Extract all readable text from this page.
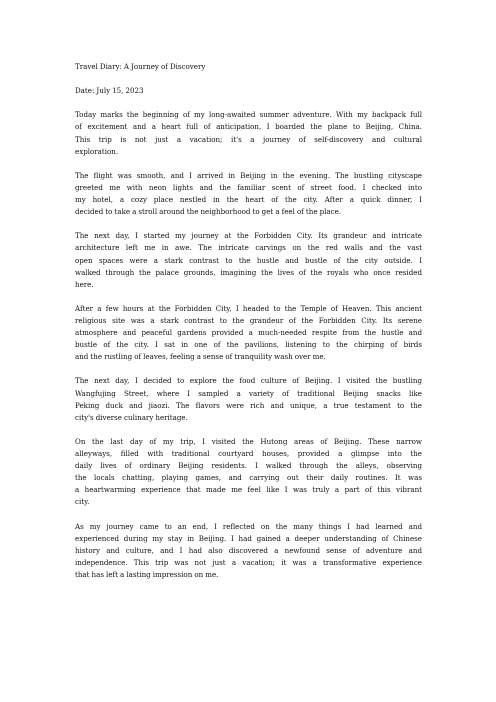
Travel Diary: A Journey of Discovery
Date: July 15, 2023
Today marks the beginning of my long-awaited summer adventure. With my backpack full
of excitement and a heart full of anticipation, I boarded the plane to Beijing, China.
This trip is not just a vacation; it's a journey of self-discovery and cultural
exploration.
The flight was smooth, and I arrived in Beijing in the evening. The bustling cityscape
greeted me with neon lights and the familiar scent of street food. I checked into
my hotel, a cozy place nestled in the heart of the city. After a quick dinner, I
decided to take a stroll around the neighborhood to get a feel of the place.
The next day, I started my journey at the Forbidden City. Its grandeur and intricate
architecture left me in awe. The intricate carvings on the red walls and the vast
open spaces were a stark contrast to the hustle and bustle of the city outside. I
walked through the palace grounds, imagining the lives of the royals who once resided
here.
After a few hours at the Forbidden City, I headed to the Temple of Heaven. This ancient
religious site was a stark contrast to the grandeur of the Forbidden City. Its serene
atmosphere and peaceful gardens provided a much-needed respite from the hustle and
bustle of the city. I sat in one of the pavilions, listening to the chirping of birds
and the rustling of leaves, feeling a sense of tranquility wash over me.
The next day, I decided to explore the food culture of Beijing. I visited the bustling
Wangfujing Street, where I sampled a variety of traditional Beijing snacks like
Peking duck and jiaozi. The flavors were rich and unique, a true testament to the
city's diverse culinary heritage.
On the last day of my trip, I visited the Hutong areas of Beijing. These narrow
alleyways, filled with traditional courtyard houses, provided a glimpse into the
daily lives of ordinary Beijing residents. I walked through the alleys, observing
the locals chatting, playing games, and carrying out their daily routines. It was
a heartwarming experience that made me feel like I was truly a part of this vibrant
city.
As my journey came to an end, I reflected on the many things I had learned and
experienced during my stay in Beijing. I had gained a deeper understanding of Chinese
history and culture, and I had also discovered a newfound sense of adventure and
independence. This trip was not just a vacation; it was a transformative experience
that has left a lasting impression on me.
